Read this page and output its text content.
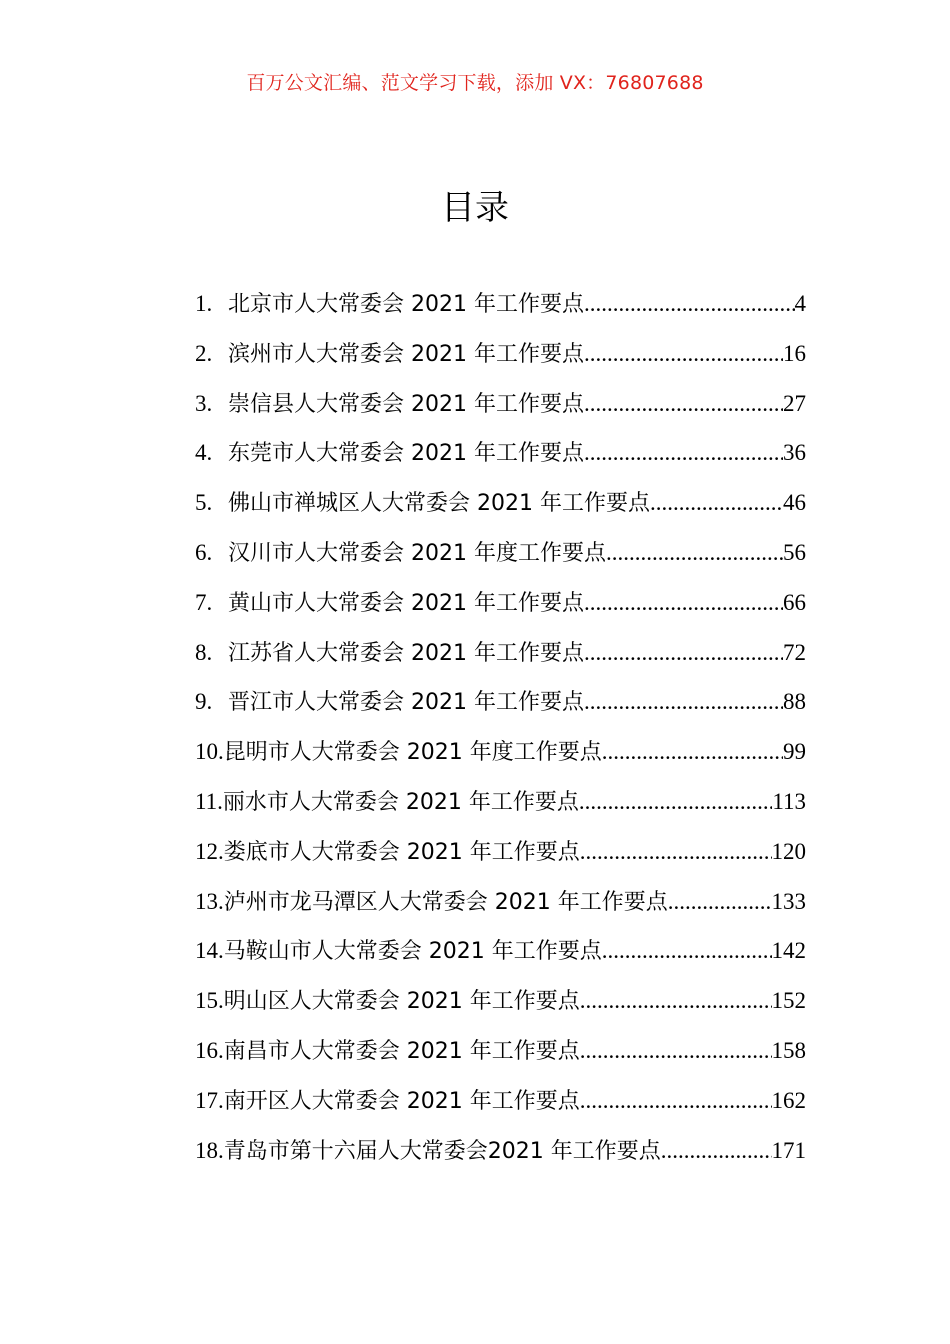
百万公文汇编、范文学习下载，添加 VX：76807688
目录
1. 北京市人大常委会 2021 年工作要点 .....	4
2. 滨州市人大常委会 2021 年工作要点 .....	16
3. 崇信县人大常委会 2021 年工作要点 .....	27
4. 东莞市人大常委会 2021 年工作要点 .....	36
5. 佛山市禅城区人大常委会 2021 年工作要点 .....	46
6. 汉川市人大常委会 2021 年度工作要点 .....	56
7. 黄山市人大常委会 2021 年工作要点 .....	66
8. 江苏省人大常委会 2021 年工作要点 .....	72
9. 晋江市人大常委会 2021 年工作要点 .....	88
10. 昆明市人大常委会 2021 年度工作要点 .....	99
11. 丽水市人大常委会 2021 年工作要点 .....	113
12. 娄底市人大常委会 2021 年工作要点 .....	120
13. 泸州市龙马潭区人大常委会 2021 年工作要点 .....	133
14. 马鞍山市人大常委会 2021 年工作要点 .....	142
15. 明山区人大常委会 2021 年工作要点 .....	152
16. 南昌市人大常委会 2021 年工作要点 .....	158
17. 南开区人大常委会 2021 年工作要点 .....	162
18. 青岛市第十六届人大常委会2021 年工作要点 .....	171
